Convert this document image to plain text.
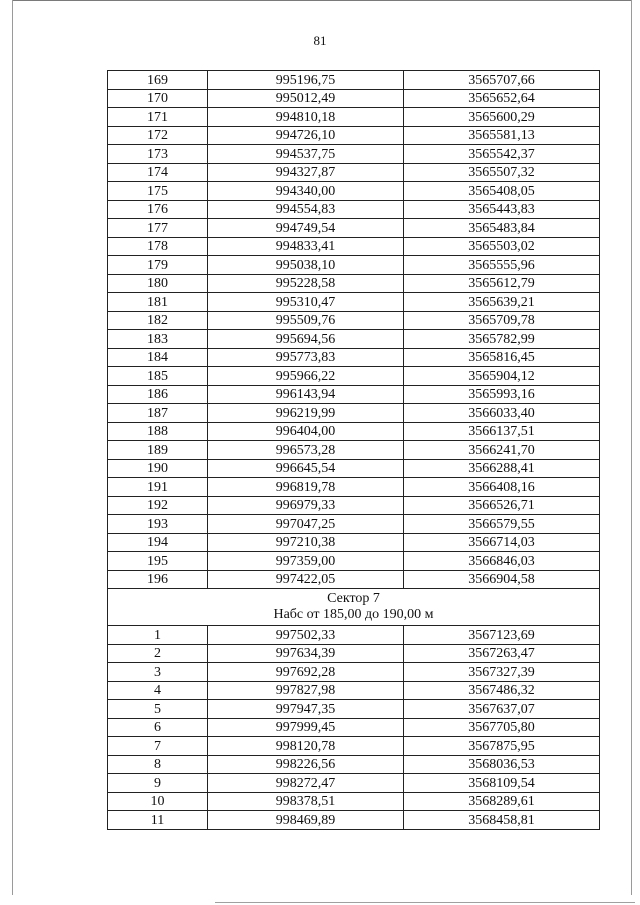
81
169	995196,75	3565707,66
170	995012,49	3565652,64
171	994810,18	3565600,29
172	994726,10	3565581,13
173	994537,75	3565542,37
174	994327,87	3565507,32
175	994340,00	3565408,05
176	994554,83	3565443,83
177	994749,54	3565483,84
178	994833,41	3565503,02
179	995038,10	3565555,96
180	995228,58	3565612,79
181	995310,47	3565639,21
182	995509,76	3565709,78
183	995694,56	3565782,99
184	995773,83	3565816,45
185	995966,22	3565904,12
186	996143,94	3565993,16
187	996219,99	3566033,40
188	996404,00	3566137,51
189	996573,28	3566241,70
190	996645,54	3566288,41
191	996819,78	3566408,16
192	996979,33	3566526,71
193	997047,25	3566579,55
194	997210,38	3566714,03
195	997359,00	3566846,03
196	997422,05	3566904,58

Сектор 7
Набс от 185,00 до 190,00 м		

1	997502,33	3567123,69
2	997634,39	3567263,47
3	997692,28	3567327,39
4	997827,98	3567486,32
5	997947,35	3567637,07
6	997999,45	3567705,80
7	998120,78	3567875,95
8	998226,56	3568036,53
9	998272,47	3568109,54
10	998378,51	3568289,61
11	998469,89	3568458,81
